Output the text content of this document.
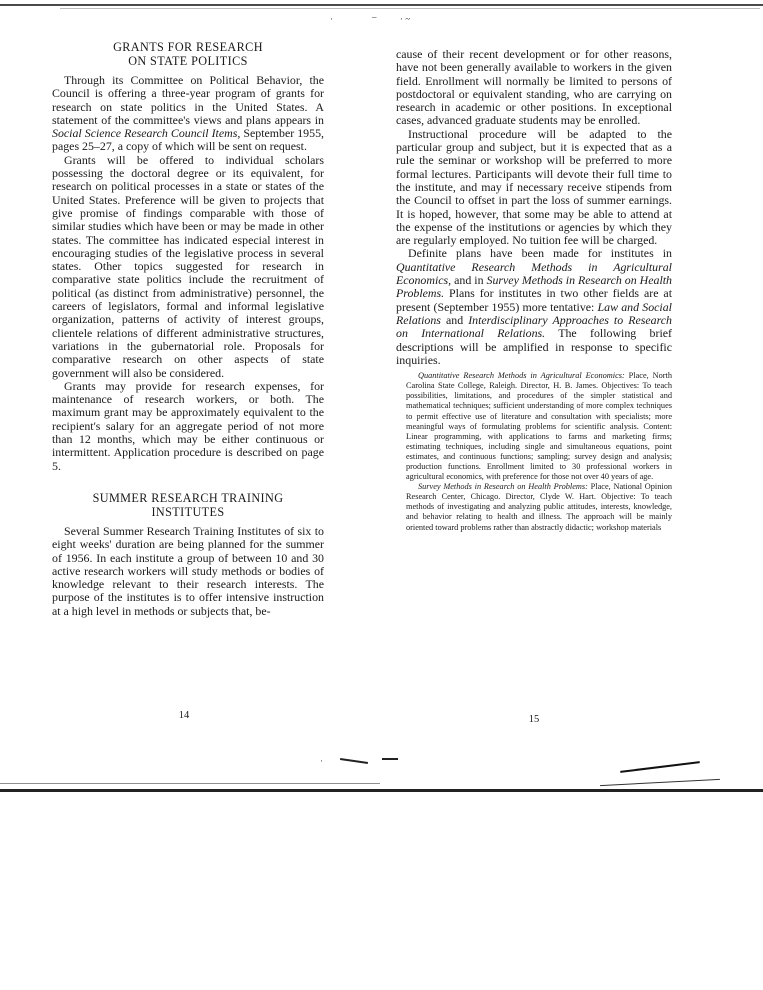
·	–	· ~
GRANTS FOR RESEARCH
ON STATE POLITICS

Through its Committee on Political Behavior, the Council is offering a three-year program of grants for research on state politics in the United States. A statement of the committee's views and plans appears in Social Science Research Council Items, September 1955, pages 25–27, a copy of which will be sent on request.

Grants will be offered to individual scholars possessing the doctoral degree or its equivalent, for research on political processes in a state or states of the United States. Preference will be given to projects that give promise of findings comparable with those of similar studies which have been or may be made in other states. The committee has indicated especial interest in encouraging studies of the legislative process in several states. Other topics suggested for research in comparative state politics include the recruitment of political (as distinct from administrative) personnel, the careers of legislators, formal and informal legislative organization, patterns of activity of interest groups, clientele relations of different administrative structures, variations in the gubernatorial role. Proposals for comparative research on other aspects of state government will also be considered.

Grants may provide for research expenses, for maintenance of research workers, or both. The maximum grant may be approximately equivalent to the recipient's salary for an aggregate period of not more than 12 months, which may be either continuous or intermittent. Application procedure is described on page 5.

SUMMER RESEARCH TRAINING
INSTITUTES

Several Summer Research Training Institutes of six to eight weeks' duration are being planned for the summer of 1956. In each institute a group of between 10 and 30 active research workers will study methods or bodies of knowledge relevant to their research interests. The purpose of the institutes is to offer intensive instruction at a high level in methods or subjects that, be-

cause of their recent development or for other reasons, have not been generally available to workers in the given field. Enrollment will normally be limited to persons of postdoctoral or equivalent standing, who are carrying on research in academic or other positions. In exceptional cases, advanced graduate students may be enrolled.

Instructional procedure will be adapted to the particular group and subject, but it is expected that as a rule the seminar or workshop will be preferred to more formal lectures. Participants will devote their full time to the institute, and may if necessary receive stipends from the Council to offset in part the loss of summer earnings. It is hoped, however, that some may be able to attend at the expense of the institutions or agencies by which they are regularly employed. No tuition fee will be charged.

Definite plans have been made for institutes in Quantitative Research Methods in Agricultural Economics, and in Survey Methods in Research on Health Problems. Plans for institutes in two other fields are at present (September 1955) more tentative: Law and Social Relations and Interdisciplinary Approaches to Research on International Relations. The following brief descriptions will be amplified in response to specific inquiries.

Quantitative Research Methods in Agricultural Economics: Place, North Carolina State College, Raleigh. Director, H. B. James. Objectives: To teach possibilities, limitations, and procedures of the simpler statistical and mathematical techniques; sufficient understanding of more complex techniques to permit effective use of literature and consultation with specialists; more meaningful ways of formulating problems for scientific analysis. Content: Linear programming, with applications to farms and marketing firms; estimating techniques, including single and simultaneous equations, point estimates, and continuous functions; sampling; survey design and analysis; production functions. Enrollment limited to 30 professional workers in agricultural economics, with preference for those not over 40 years of age.

Survey Methods in Research on Health Problems: Place, National Opinion Research Center, Chicago. Director, Clyde W. Hart. Objective: To teach methods of investigating and analyzing public attitudes, interests, knowledge, and behavior relating to health and illness. The approach will be mainly oriented toward problems rather than abstractly didactic; workshop materials

14	15
·
